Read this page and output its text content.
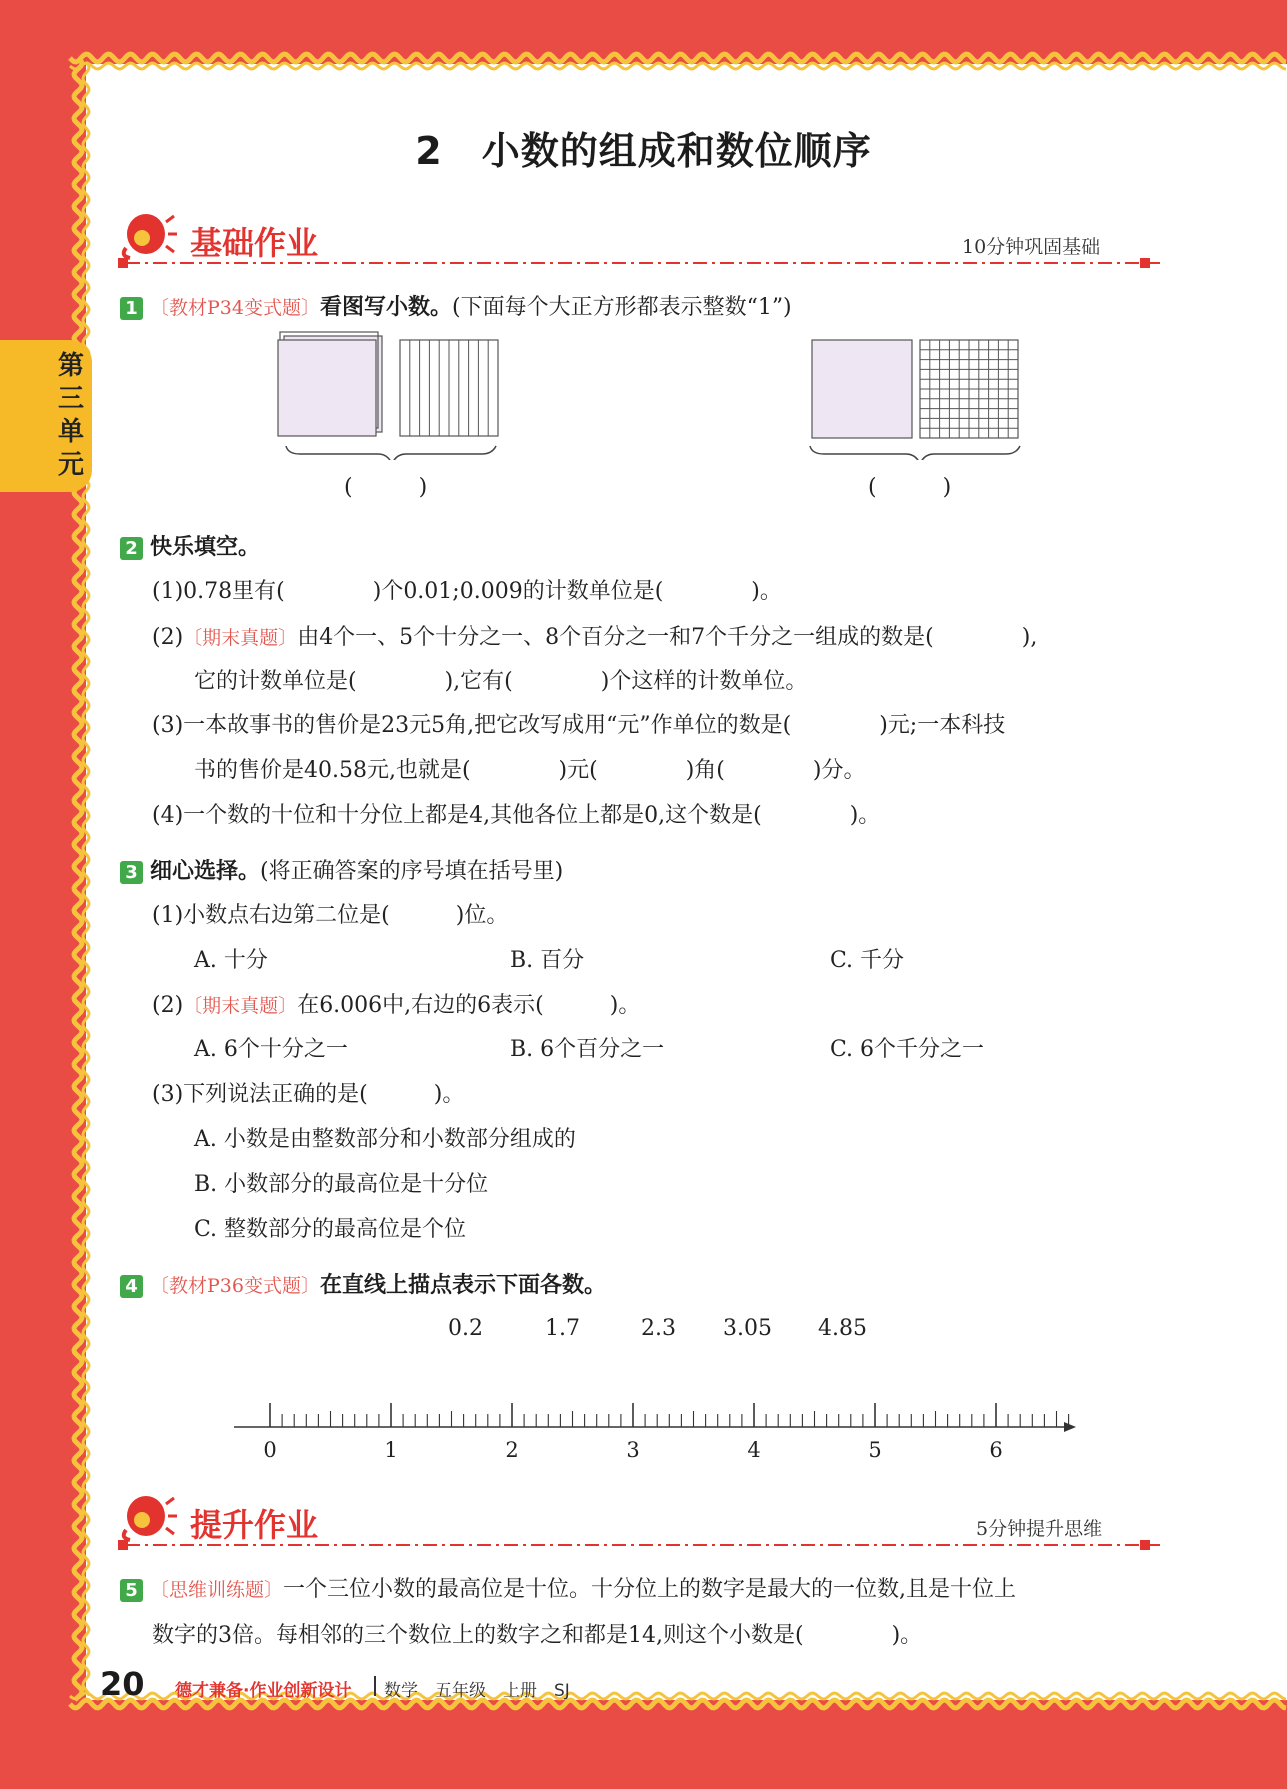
第
三
单
元
2　小数的组成和数位顺序
基础作业	10分钟巩固基础
1 〔教材P34变式题〕看图写小数。(下面每个大正方形都表示整数“1”)
(　　　)	(　　　)
2 快乐填空。
(1)0.78里有(　　　　)个0.01;0.009的计数单位是(　　　　)。
(2)〔期末真题〕由4个一、5个十分之一、8个百分之一和7个千分之一组成的数是(　　　　),
它的计数单位是(　　　　),它有(　　　　)个这样的计数单位。
(3)一本故事书的售价是23元5角,把它改写成用“元”作单位的数是(　　　　)元;一本科技
书的售价是40.58元,也就是(　　　　)元(　　　　)角(　　　　)分。
(4)一个数的十位和十分位上都是4,其他各位上都是0,这个数是(　　　　)。
3 细心选择。(将正确答案的序号填在括号里)
(1)小数点右边第二位是(　　　)位。
A. 十分	B. 百分	C. 千分
(2)〔期末真题〕在6.006中,右边的6表示(　　　)。
A. 6个十分之一	B. 6个百分之一	C. 6个千分之一
(3)下列说法正确的是(　　　)。
A. 小数是由整数部分和小数部分组成的
B. 小数部分的最高位是十分位
C. 整数部分的最高位是个位
4 〔教材P36变式题〕在直线上描点表示下面各数。
0.2	1.7	2.3 3.05 4.85
0	1	2	3	4	5	6
提升作业	5分钟提升思维
5 〔思维训练题〕一个三位小数的最高位是十位。十分位上的数字是最大的一位数,且是十位上
数字的3倍。每相邻的三个数位上的数字之和都是14,则这个小数是(　　　　)。
20 德才兼备·作业创新设计 数学　五年级　上册　SJ
